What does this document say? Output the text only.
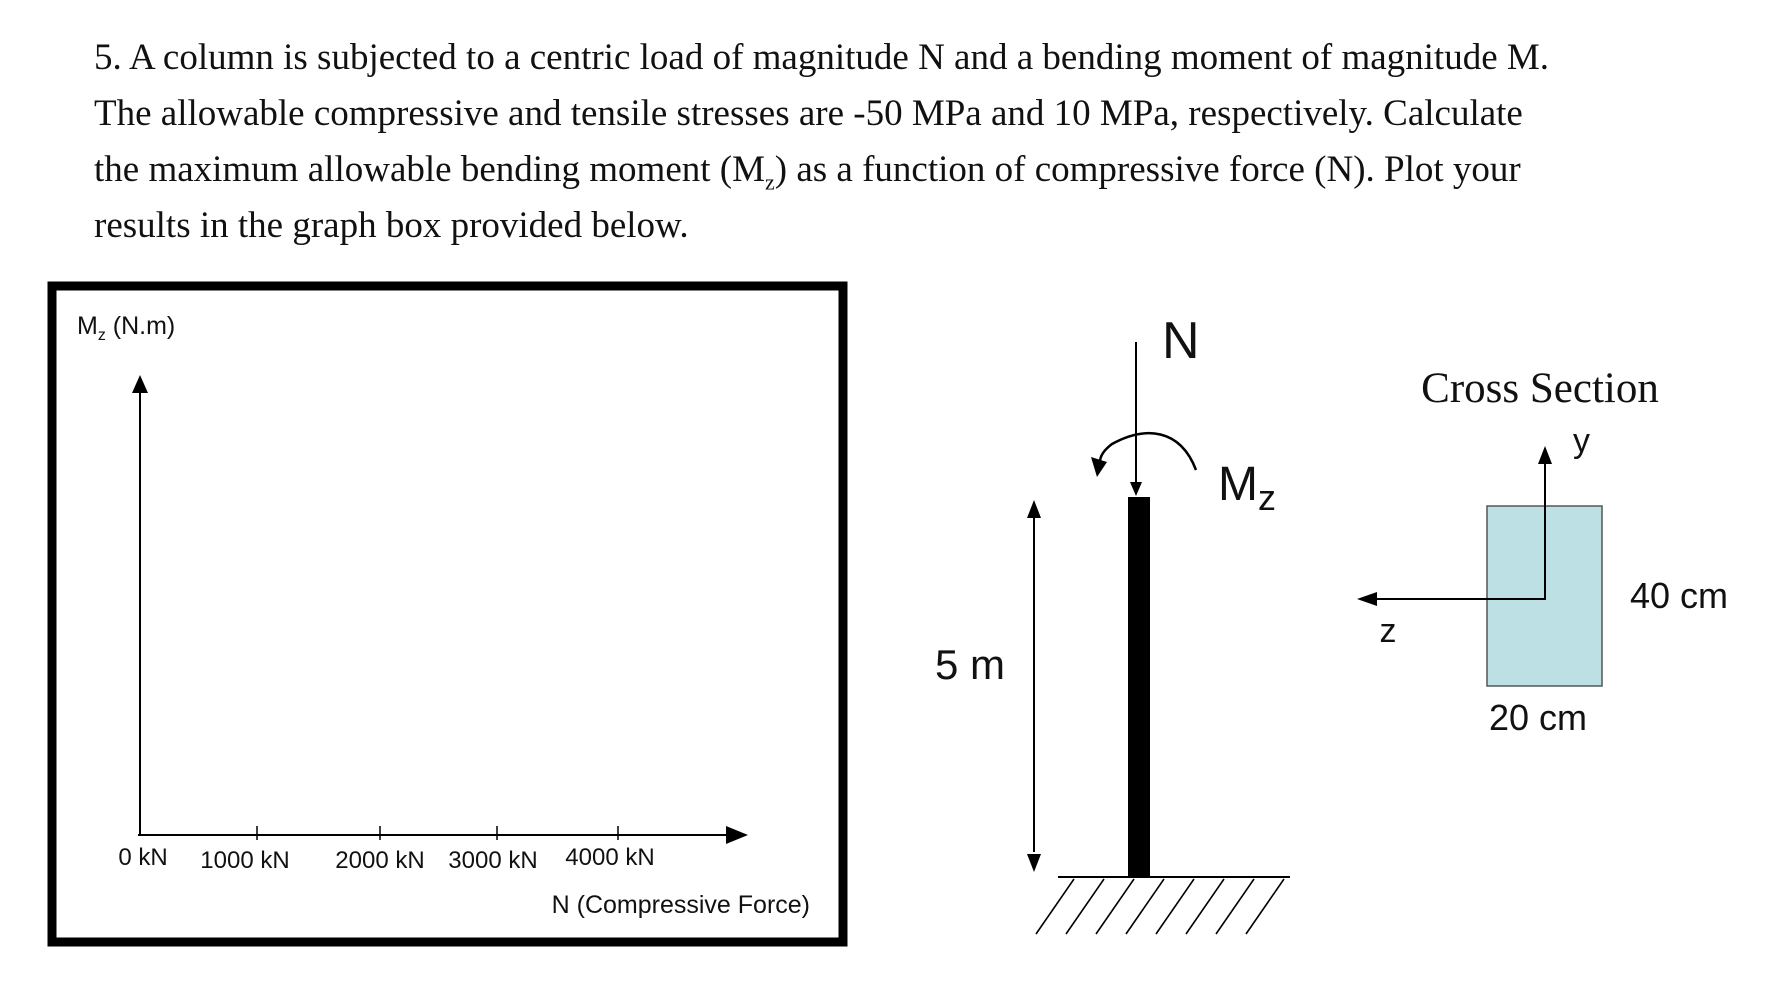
5. A column is subjected to a centric load of magnitude N and a bending moment of magnitude M.

The allowable compressive and tensile stresses are -50 MPa and 10 MPa, respectively. Calculate

the maximum allowable bending moment $(M_z)$ as a function of compressive force (N). Plot your

results in the graph box provided below.

$M_z$ (N.m)
0 kN 1000 kN 2000 kN 3000 kN 4000 kN
N (Compressive Force)
N
$M_z$
5 m
Cross Section
y
z
40 cm
20 cm
